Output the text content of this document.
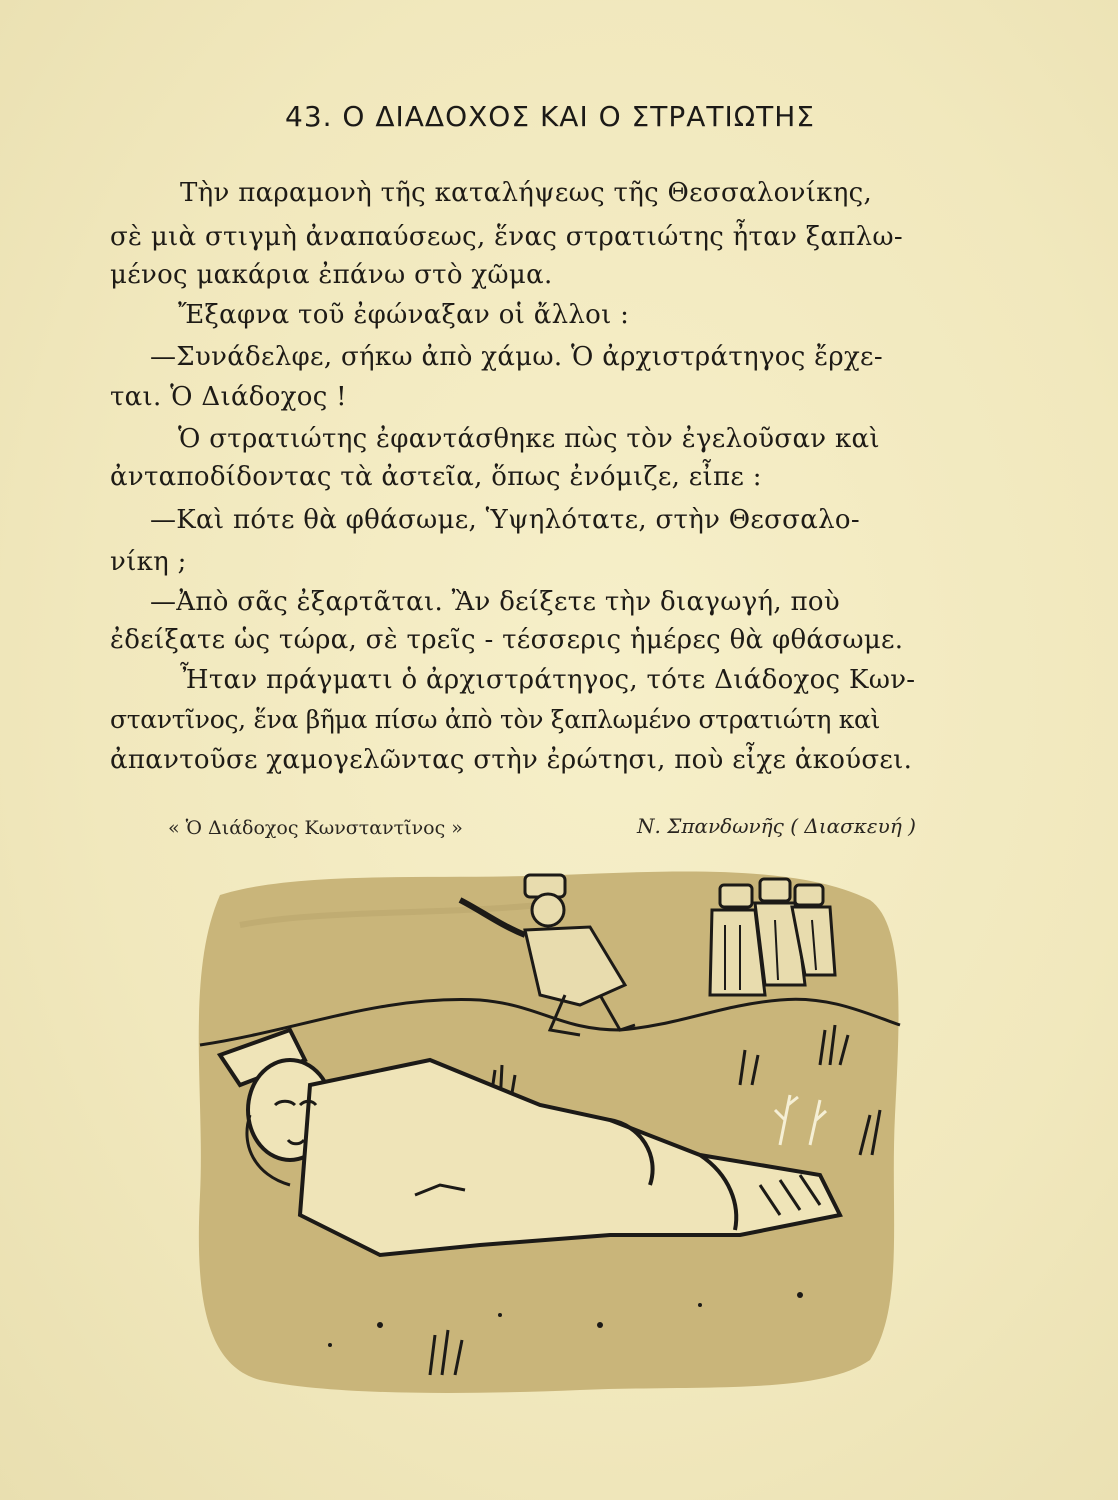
43. Ο ΔΙΑΔΟΧΟΣ ΚΑΙ Ο ΣΤΡΑΤΙΩΤΗΣ
Τὴν παραμονὴ τῆς καταλήψεως τῆς Θεσσαλονίκης,
σὲ μιὰ στιγμὴ ἀναπαύσεως, ἕνας στρατιώτης ἦταν ξαπλω-
μένος μακάρια ἐπάνω στὸ χῶμα.
Ἔξαφνα τοῦ ἐφώναξαν οἱ ἄλλοι :
—Συνάδελφε, σήκω ἀπὸ χάμω. Ὁ ἀρχιστράτηγος ἔρχε-
ται. Ὁ Διάδοχος !
Ὁ στρατιώτης ἐφαντάσθηκε πὼς τὸν ἐγελοῦσαν καὶ
ἀνταποδίδοντας τὰ ἀστεῖα, ὅπως ἐνόμιζε, εἶπε :
—Καὶ πότε θὰ φθάσωμε, Ὑψηλότατε, στὴν Θεσσαλο-
νίκη ;
—Ἀπὸ σᾶς ἐξαρτᾶται. Ἂν δείξετε τὴν διαγωγή, ποὺ
ἐδείξατε ὡς τώρα, σὲ τρεῖς - τέσσερις ἡμέρες θὰ φθάσωμε.
Ἦταν πράγματι ὁ ἀρχιστράτηγος, τότε Διάδοχος Κων-
σταντῖνος, ἕνα βῆμα πίσω ἀπὸ τὸν ξαπλωμένο στρατιώτη καὶ
ἀπαντοῦσε χαμογελῶντας στὴν ἐρώτησι, ποὺ εἶχε ἀκούσει.
« Ὁ Διάδοχος Κωνσταντῖνος »	Ν. Σπανδωνῆς ( Διασκευή )
